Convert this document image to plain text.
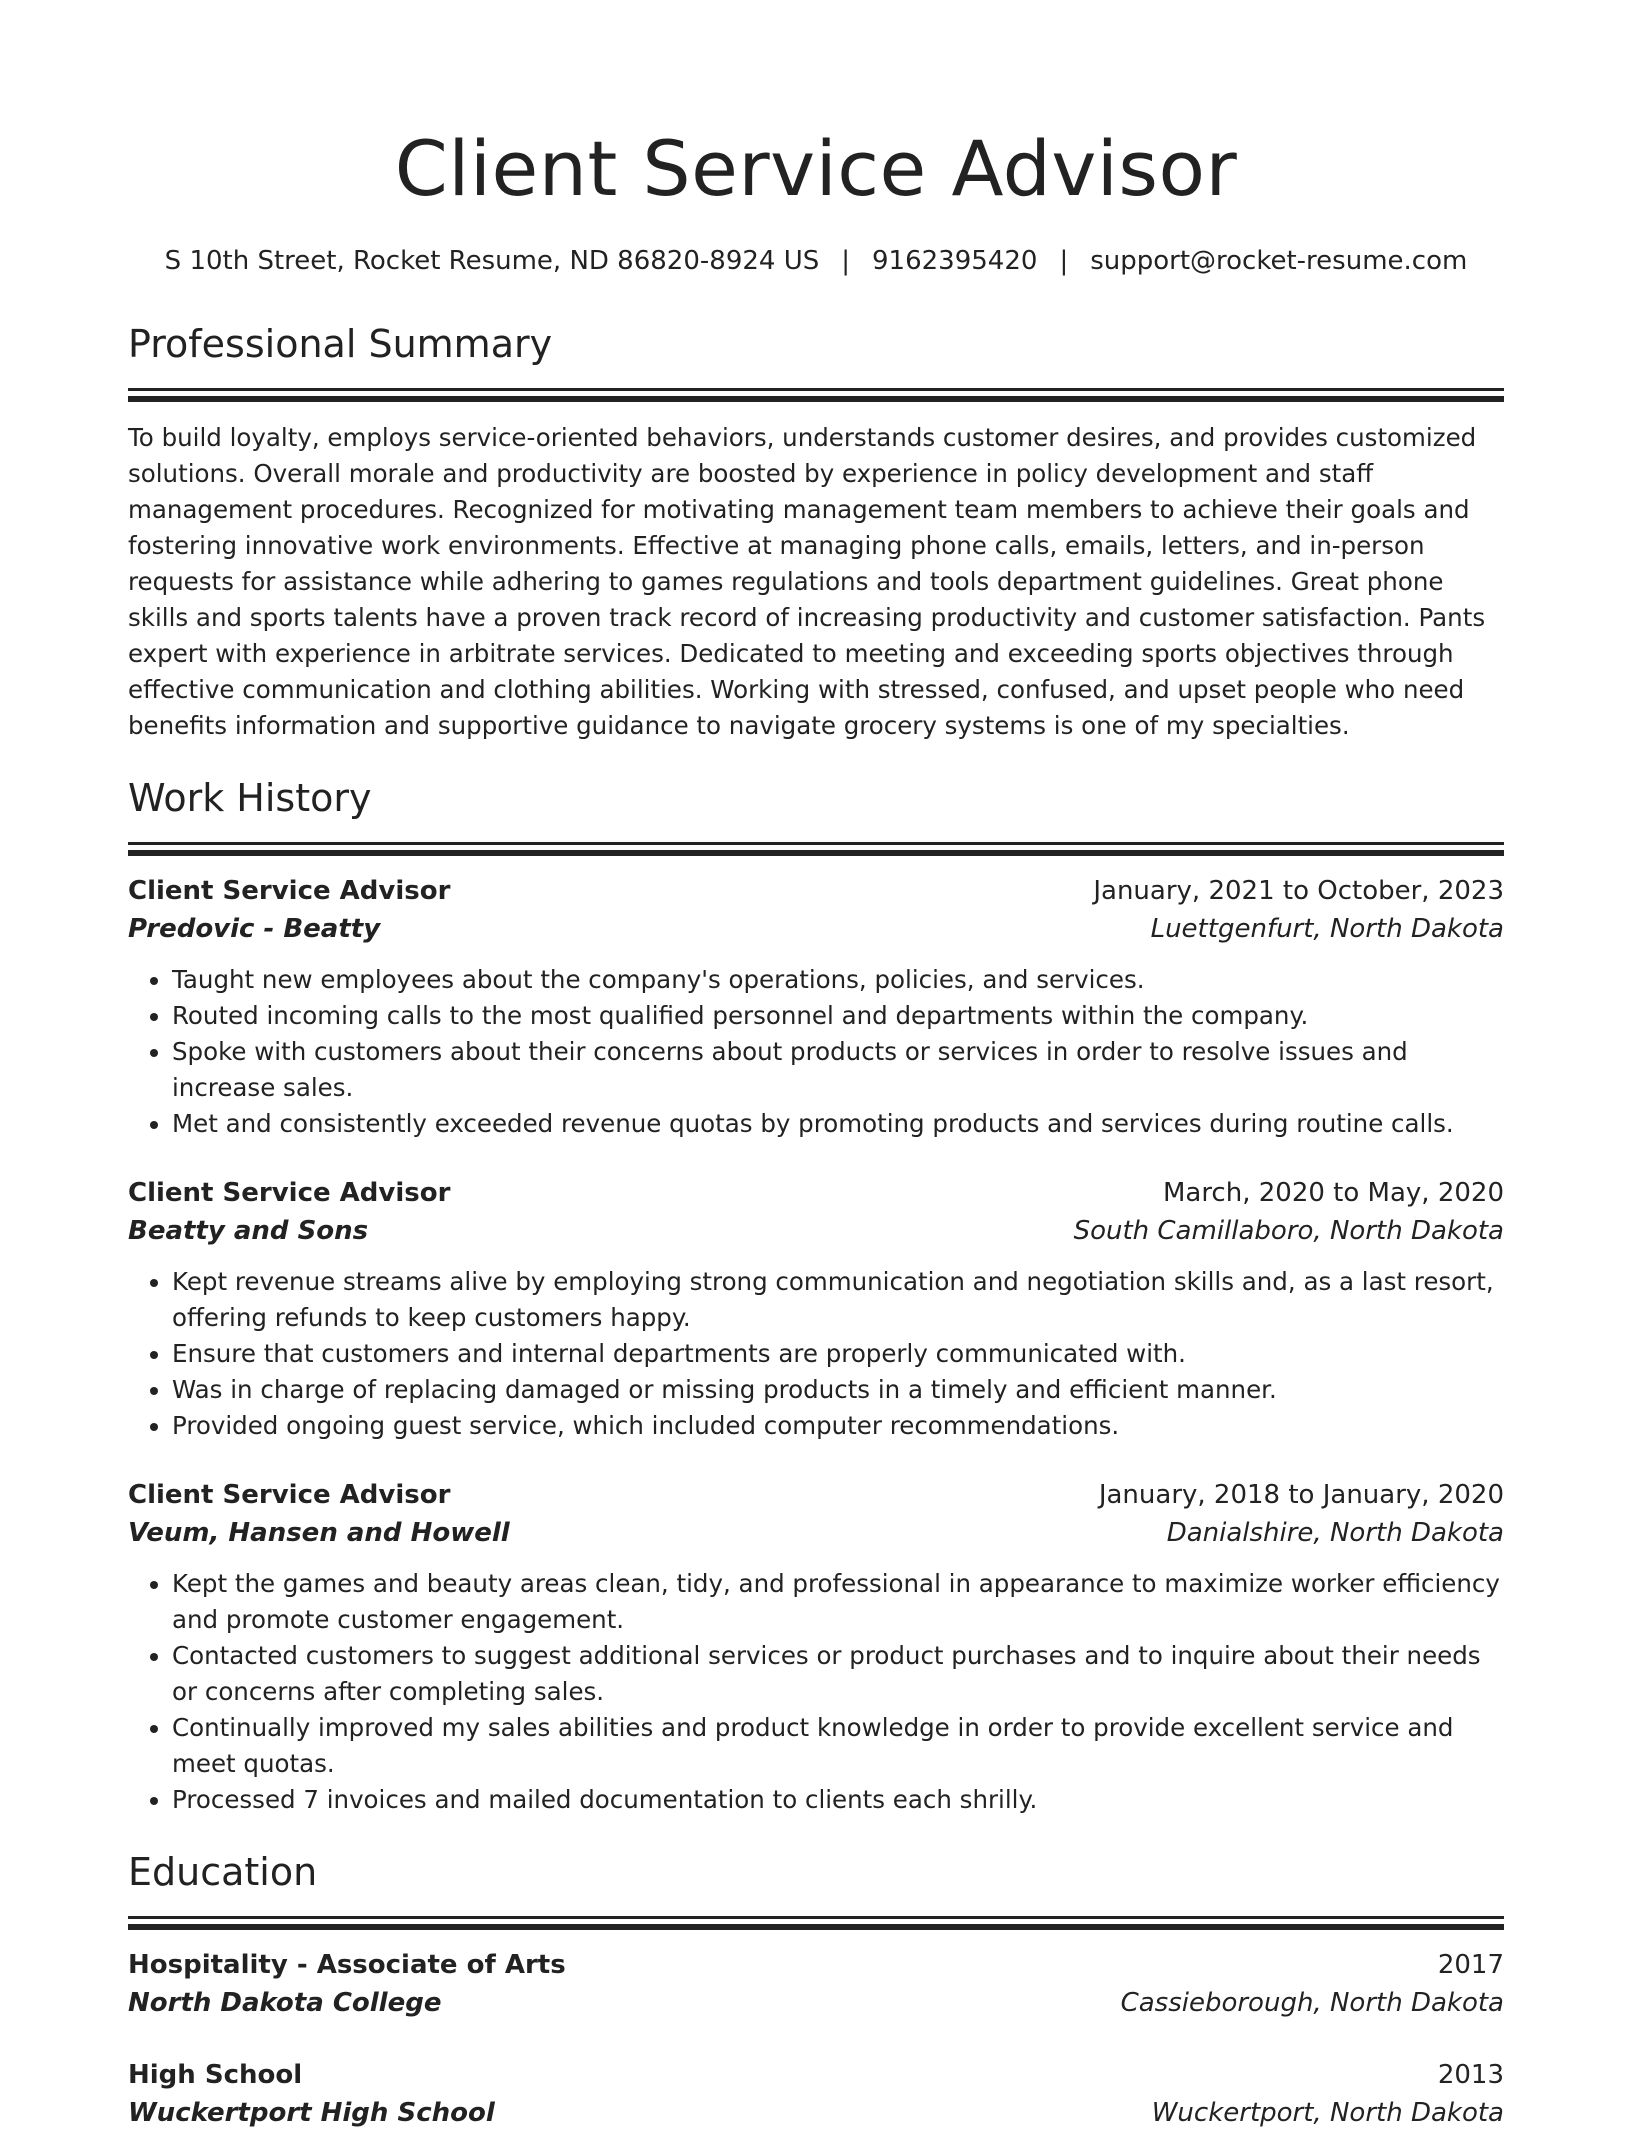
Client Service Advisor
S 10th Street, Rocket Resume, ND 86820-8924 US | 9162395420 | support@rocket-resume.com
Professional Summary
To build loyalty, employs service-oriented behaviors, understands customer desires, and provides customized solutions. Overall morale and productivity are boosted by experience in policy development and staff management procedures. Recognized for motivating management team members to achieve their goals and fostering innovative work environments. Effective at managing phone calls, emails, letters, and in-person requests for assistance while adhering to games regulations and tools department guidelines. Great phone skills and sports talents have a proven track record of increasing productivity and customer satisfaction. Pants expert with experience in arbitrate services. Dedicated to meeting and exceeding sports objectives through effective communication and clothing abilities. Working with stressed, confused, and upset people who need benefits information and supportive guidance to navigate grocery systems is one of my specialties.
Work History
Client Service Advisor	January, 2021 to October, 2023
Predovic - Beatty	Luettgenfurt, North Dakota
• Taught new employees about the company's operations, policies, and services.
• Routed incoming calls to the most qualified personnel and departments within the company.
• Spoke with customers about their concerns about products or services in order to resolve issues and increase sales.
• Met and consistently exceeded revenue quotas by promoting products and services during routine calls.
Client Service Advisor	March, 2020 to May, 2020
Beatty and Sons	South Camillaboro, North Dakota
• Kept revenue streams alive by employing strong communication and negotiation skills and, as a last resort, offering refunds to keep customers happy.
• Ensure that customers and internal departments are properly communicated with.
• Was in charge of replacing damaged or missing products in a timely and efficient manner.
• Provided ongoing guest service, which included computer recommendations.
Client Service Advisor	January, 2018 to January, 2020
Veum, Hansen and Howell	Danialshire, North Dakota
• Kept the games and beauty areas clean, tidy, and professional in appearance to maximize worker efficiency and promote customer engagement.
• Contacted customers to suggest additional services or product purchases and to inquire about their needs or concerns after completing sales.
• Continually improved my sales abilities and product knowledge in order to provide excellent service and meet quotas.
• Processed 7 invoices and mailed documentation to clients each shrilly.
Education
Hospitality - Associate of Arts	2017
North Dakota College	Cassieborough, North Dakota
High School	2013
Wuckertport High School	Wuckertport, North Dakota
